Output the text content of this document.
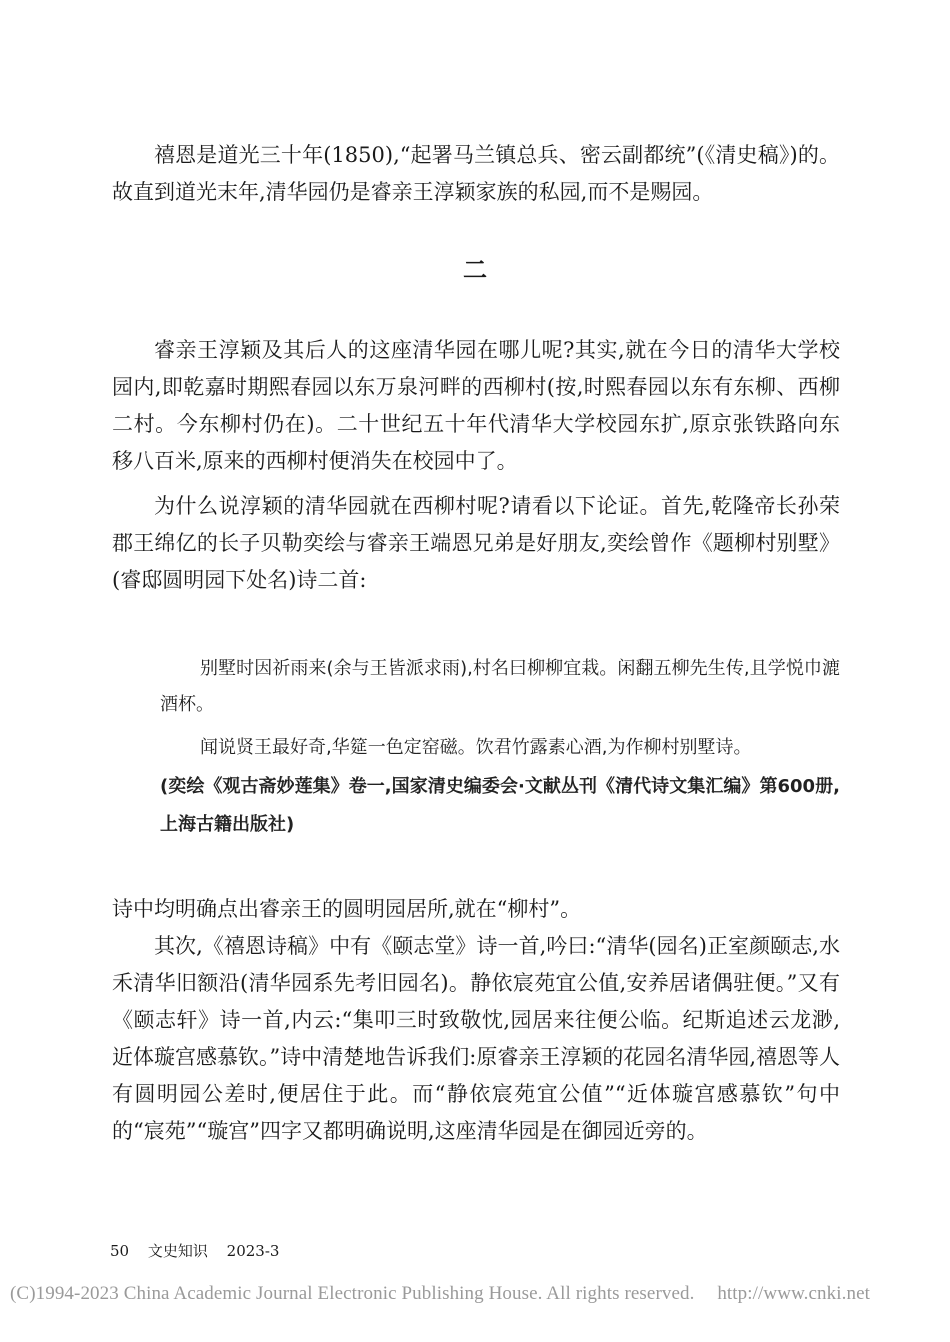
禧恩是道光三十年(1850),“起署马兰镇总兵、密云副都统”(《清史稿》)的。故直到道光末年,清华园仍是睿亲王淳颖家族的私园,而不是赐园。

二

睿亲王淳颖及其后人的这座清华园在哪儿呢?其实,就在今日的清华大学校园内,即乾嘉时期熙春园以东万泉河畔的西柳村(按,时熙春园以东有东柳、西柳二村。今东柳村仍在)。二十世纪五十年代清华大学校园东扩,原京张铁路向东移八百米,原来的西柳村便消失在校园中了。

为什么说淳颖的清华园就在西柳村呢?请看以下论证。首先,乾隆帝长孙荣郡王绵亿的长子贝勒奕绘与睿亲王端恩兄弟是好朋友,奕绘曾作《题柳村别墅》(睿邸圆明园下处名)诗二首:

别墅时因祈雨来(余与王皆派求雨),村名曰柳柳宜栽。闲翻五柳先生传,且学悦巾漉酒杯。

闻说贤王最好奇,华筵一色定窑磁。饮君竹露素心酒,为作柳村别墅诗。

(奕绘《观古斋妙莲集》卷一,国家清史编委会·文献丛刊《清代诗文集汇编》第600册,上海古籍出版社)

诗中均明确点出睿亲王的圆明园居所,就在“柳村”。

其次,《禧恩诗稿》中有《颐志堂》诗一首,吟曰:“清华(园名)正室颜颐志,水禾清华旧额沿(清华园系先考旧园名)。静依宸苑宜公值,安养居诸偶驻便。”又有《颐志轩》诗一首,内云:“集叩三时致敬忱,园居来往便公临。纪斯追述云龙渺,近体璇宫感慕钦。”诗中清楚地告诉我们:原睿亲王淳颖的花园名清华园,禧恩等人有圆明园公差时,便居住于此。而“静依宸苑宜公值”“近体璇宫感慕钦”句中的“宸苑”“璇宫”四字又都明确说明,这座清华园是在御园近旁的。

50 文史知识 2023-3
(C)1994-2023 China Academic Journal Electronic Publishing House. All rights reserved. http://www.cnki.net
